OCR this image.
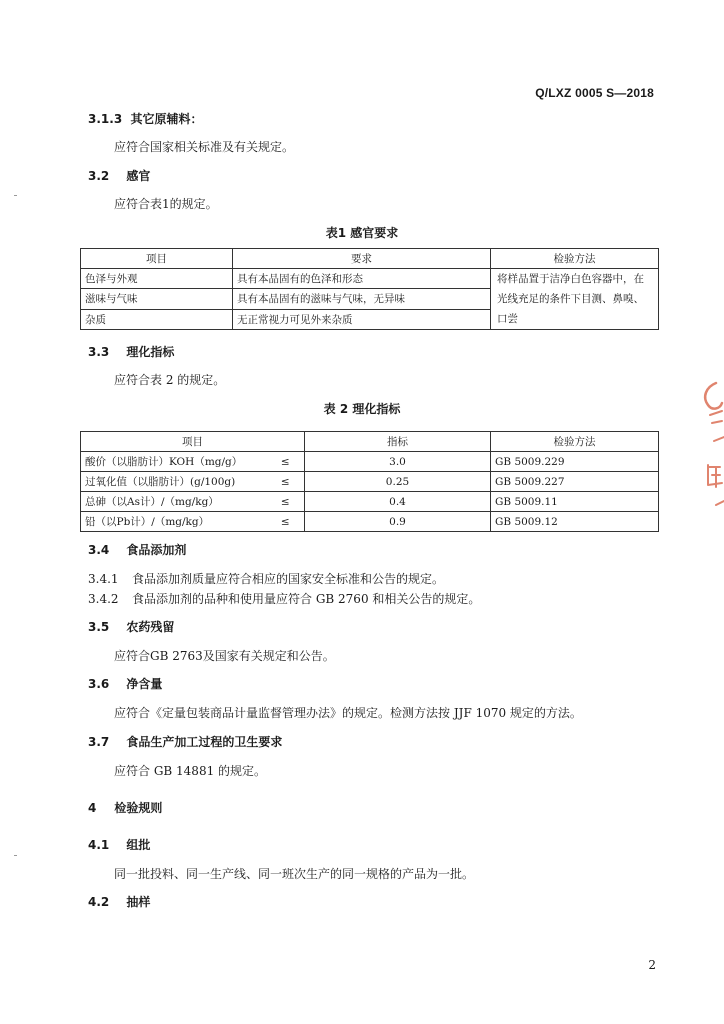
Q/LXZ 0005 S—2018
3.1.3 其它原辅料：
应符合国家相关标准及有关规定。
3.2 感官
应符合表1的规定。
表1 感官要求
项目	要求	检验方法
色泽与外观	具有本品固有的色泽和形态	将样品置于洁净白色容器中，在光线充足的条件下目测、鼻嗅、口尝
滋味与气味	具有本品固有的滋味与气味，无异味	
杂质	无正常视力可见外来杂质	
3.3 理化指标
应符合表 2 的规定。
表 2 理化指标
项目		指标	检验方法
酸价（以脂肪计）KOH（mg/g）	≤	3.0	GB 5009.229
过氧化值（以脂肪计）(g/100g)	≤	0.25	GB 5009.227
总砷（以As计）/（mg/kg）	≤	0.4	GB 5009.11
铅（以Pb计）/（mg/kg）	≤	0.9	GB 5009.12
3.4 食品添加剂
3.4.1 食品添加剂质量应符合相应的国家安全标准和公告的规定。
3.4.2 食品添加剂的品种和使用量应符合 GB 2760 和相关公告的规定。
3.5 农药残留
应符合GB 2763及国家有关规定和公告。
3.6 净含量
应符合《定量包装商品计量监督管理办法》的规定。检测方法按 JJF 1070 规定的方法。
3.7 食品生产加工过程的卫生要求
应符合 GB 14881 的规定。
4 检验规则
4.1 组批
同一批投料、同一生产线、同一班次生产的同一规格的产品为一批。
4.2 抽样
2
